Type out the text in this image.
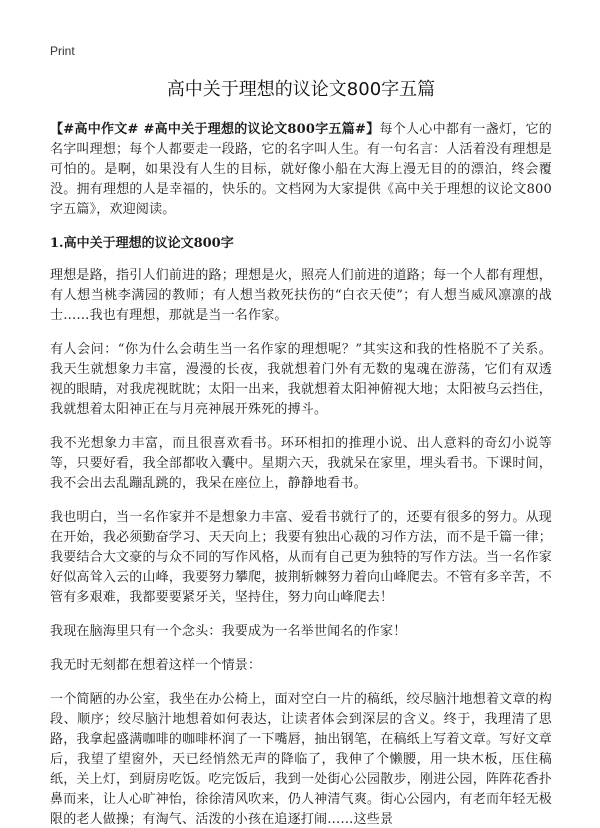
Print
高中关于理想的议论文800字五篇

【#高中作文# #高中关于理想的议论文800字五篇#】每个人心中都有一盏灯，它的名字叫理想；每个人都要走一段路，它的名字叫人生。有一句名言：人活着没有理想是可怕的。是啊，如果没有人生的目标，就好像小船在大海上漫无目的的漂泊，终会覆没。拥有理想的人是幸福的，快乐的。文档网为大家提供《高中关于理想的议论文800字五篇》，欢迎阅读。

1.高中关于理想的议论文800字

理想是路，指引人们前进的路；理想是火，照亮人们前进的道路；每一个人都有理想，有人想当桃李满园的教师；有人想当救死扶伤的“白衣天使”；有人想当威风凛凛的战士……我也有理想，那就是当一名作家。

有人会问：“你为什么会萌生当一名作家的理想呢？”其实这和我的性格脱不了关系。我天生就想象力丰富，漫漫的长夜，我就想着门外有无数的鬼魂在游荡，它们有双透 视的眼睛，对我虎视眈眈；太阳一出来，我就想着太阳神俯视大地；太阳被乌云挡住，我就想着太阳神正在与月亮神展开殊死的搏斗。

我不光想象力丰富，而且很喜欢看书。环环相扣的推理小说、出人意料的奇幻小说等等，只要好看，我全部都收入囊中。星期六天，我就呆在家里，埋头看书。下课时间，我不会出去乱蹦乱跳的，我呆在座位上，静静地看书。

我也明白，当一名作家并不是想象力丰富、爱看书就行了的，还要有很多的努力。从现在开始，我必须勤奋学习、天天向上；我要有独出心裁的习作方法，而不是千篇一律；我要结合大文豪的与众不同的写作风格，从而有自己更为独特的写作方法。当一名作家好似高耸入云的山峰，我要努力攀爬，披荆斩棘努力着向山峰爬去。不管有多辛苦，不管有多艰难，我都要要紧牙关，坚持住，努力向山峰爬去！

我现在脑海里只有一个念头：我要成为一名举世闻名的作家！

我无时无刻都在想着这样一个情景：

一个简陋的办公室，我坐在办公椅上，面对空白一片的稿纸，绞尽脑汁地想着文章的构段、顺序；绞尽脑汁地想着如何表达，让读者体会到深层的含义。终于，我理清了思路，我拿起盛满咖啡的咖啡杯润了一下嘴唇，抽出钢笔，在稿纸上写着文章。写好文章后，我望了望窗外，天已经悄然无声的降临了，我伸了个懒腰，用一块木板，压住稿纸，关上灯，到厨房吃饭。吃完饭后，我到一处街心公园散步，刚进公园，阵阵花香扑鼻而来，让人心旷神怡，徐徐清风吹来，仍人神清气爽。街心公园内，有老而年轻无极限的老人做操；有淘气、活泼的小孩在追逐打闹……这些景
